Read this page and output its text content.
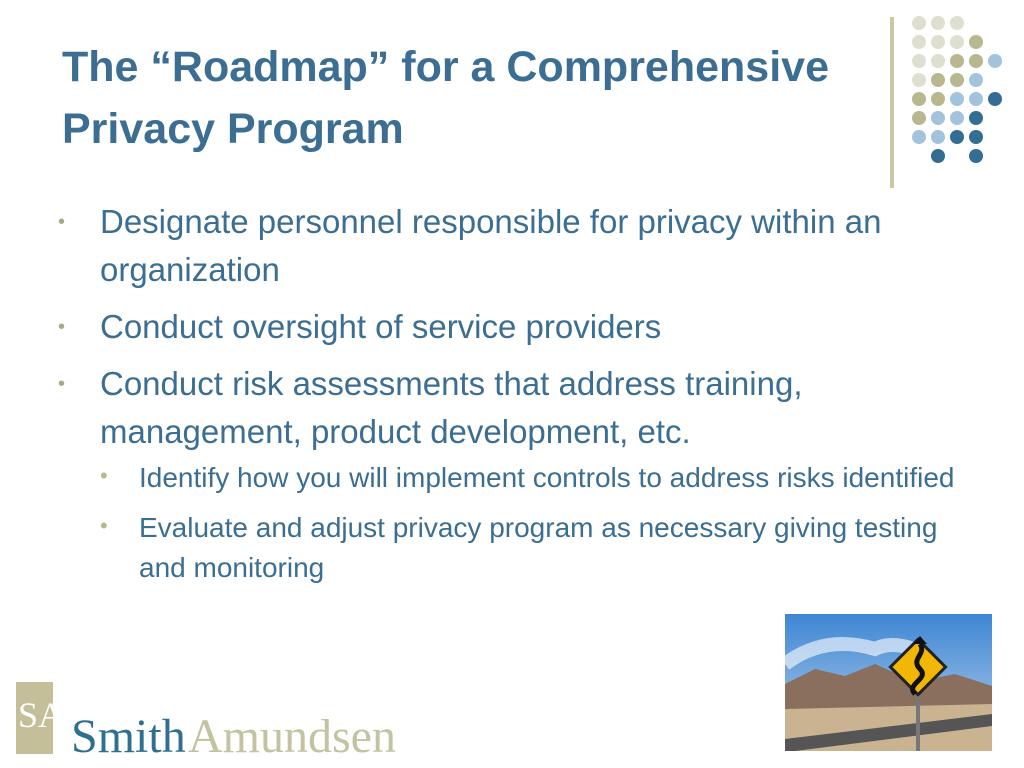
The “Roadmap” for a Comprehensive Privacy Program
• Designate personnel responsible for privacy within an organization
• Conduct oversight of service providers
• Conduct risk assessments that address training, management, product development, etc.
• Identify how you will implement controls to address risks identified
• Evaluate and adjust privacy program as necessary giving testing and monitoring
SA Smith Amundsen
